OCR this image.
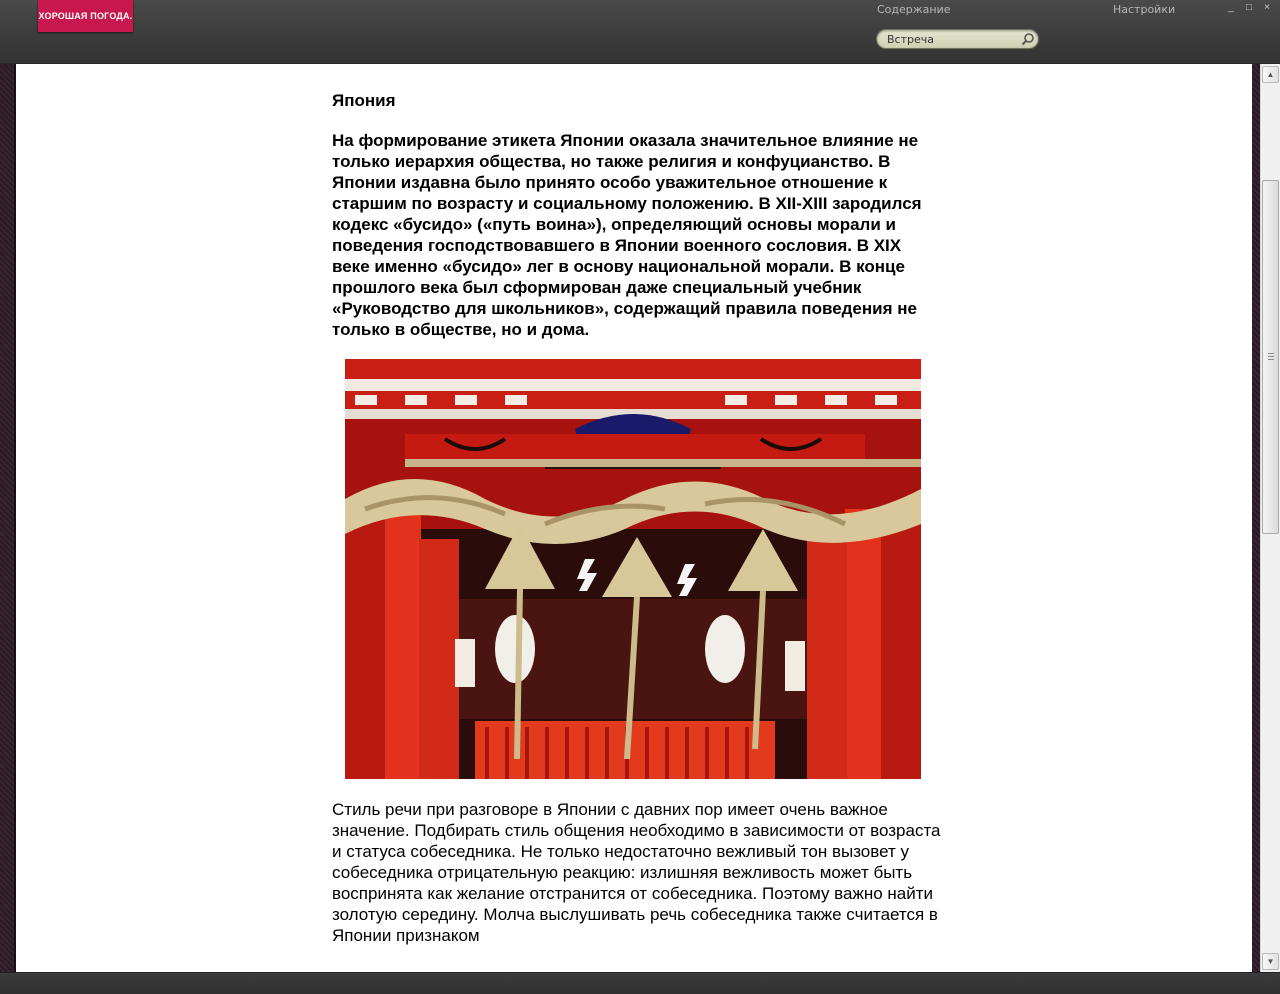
ХОРОШАЯ ПОГОДА.	Содержание	Настройки	_ □ ×
Встреча
Япония
На формирование этикета Японии оказала значительное влияние не только иерархия общества, но также религия и конфуцианство. В Японии издавна было принято особо уважительное отношение к старшим по возрасту и социальному положению. В XII-XIII зародился кодекс «бусидо» («путь воина»), определяющий основы морали и поведения господствовавшего в Японии военного сословия. В XIX веке именно «бусидо» лег в основу национальной морали. В конце прошлого века был сформирован даже специальный учебник «Руководство для школьников», содержащий правила поведения не только в обществе, но и дома.
Стиль речи при разговоре в Японии с давних пор имеет очень важное значение. Подбирать стиль общения необходимо в зависимости от возраста и статуса собеседника. Не только недостаточно вежливый тон вызовет у собеседника отрицательную реакцию: излишняя вежливость может быть воспринята как желание отстранится от собеседника. Поэтому важно найти золотую середину. Молча выслушивать речь собеседника также считается в Японии признаком
▲
▼
